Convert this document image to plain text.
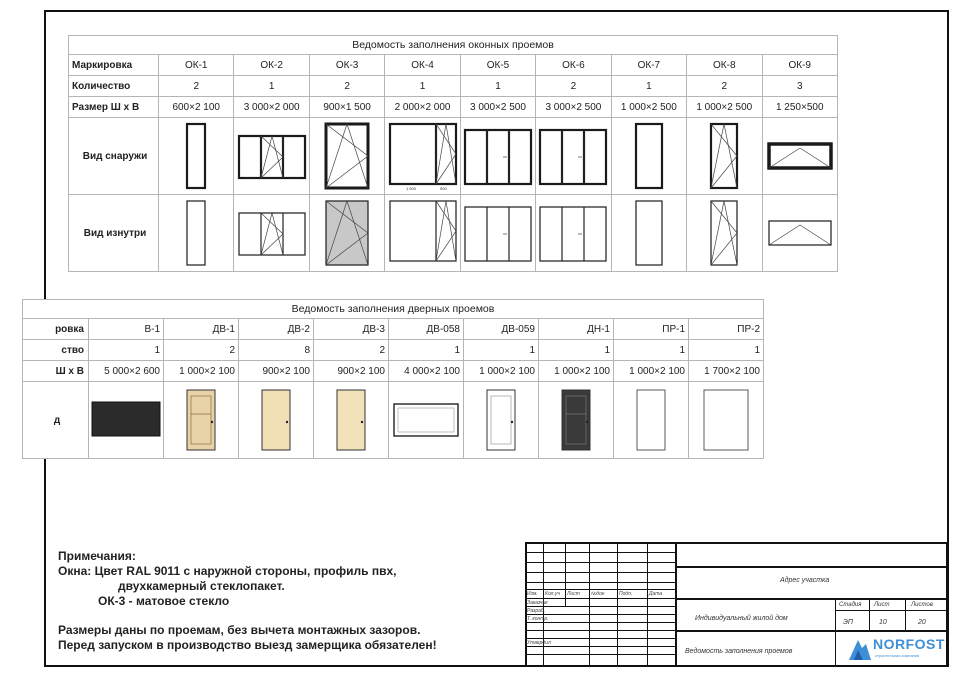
Ведомость заполнения оконных проемов									
Маркировка	ОК-1	ОК-2	ОК-3	ОК-4	ОК-5	ОК-6	ОК-7	ОК-8	ОК-9
Количество	2	1	2	1	1	2	1	2	3
Размер Ш x В	600×2 100	3 000×2 000	900×1 500	2 000×2 000	3 000×2 500	3 000×2 500	1 000×2 500	1 000×2 500	1 250×500
Вид снаружи				1 500 500

Вид изнутри	

Ведомость заполнения дверных проемов									
ровка	В-1	ДВ-1	ДВ-2	ДВ-3	ДВ-058	ДВ-059	ДН-1	ПР-1	ПР-2
ство	1	2	8	2	1	1	1	1	1
Ш x В	5 000×2 600	1 000×2 100	900×2 100	900×2 100	4 000×2 100	1 000×2 100	1 000×2 100	1 000×2 100	1 700×2 100
д	

Примечания:
Окна: Цвет RAL 9011 с наружной стороны, профиль пвх,
двухкамерный стеклопакет.
ОК-3 - матовое стекло
Размеры даны по проемам, без вычета монтажных зазоров.
Перед запуском в производство выезд замерщика обязателен!
Адрес участка
Индивидуальный жилой дом
Ведомость заполнения проемов
Стадия Лист	Листов
ЭП	10	20
NORFOST
строительная компания
Изм. Кол.уч Лист №док	Подп.	Дата
Заказчик
Разраб.
Т. контр.
Утвердил
